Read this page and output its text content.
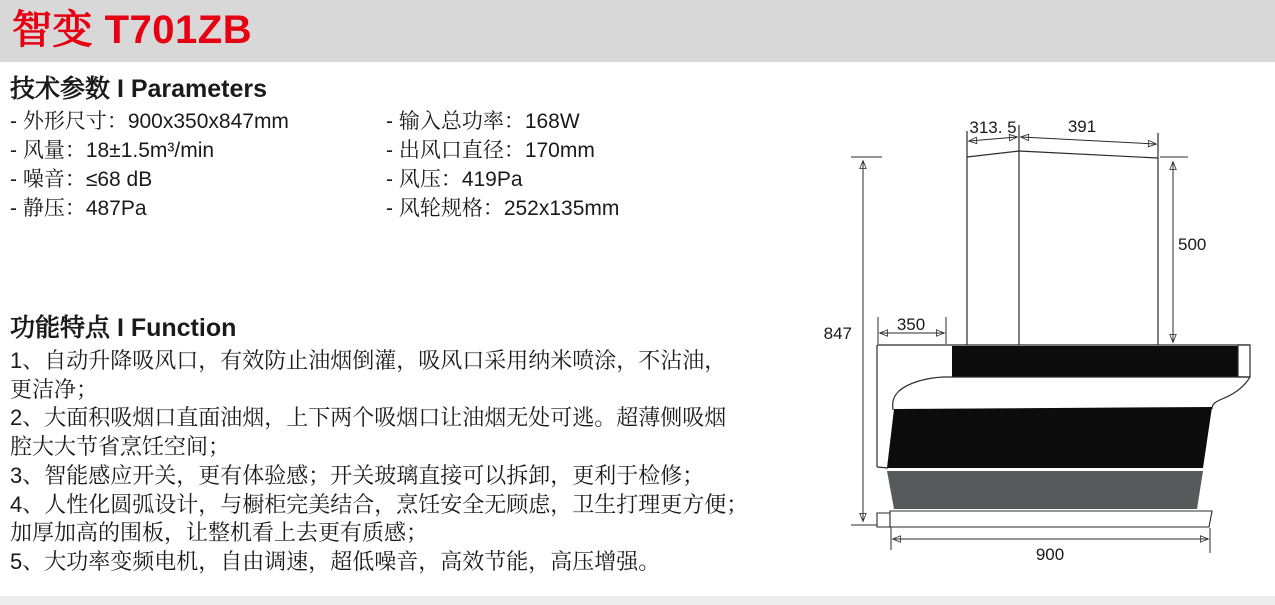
智变 T701ZB
技术参数 I Parameters
- 外形尺寸：900x350x847mm
- 风量：18±1.5m³/min
- 噪音：≤68 dB
- 静压：487Pa
- 输入总功率：168W
- 出风口直径：170mm
- 风压：419Pa
- 风轮规格：252x135mm
功能特点 I Function
1、自动升降吸风口，有效防止油烟倒灌，吸风口采用纳米喷涂，不沾油，
更洁净；
2、大面积吸烟口直面油烟，上下两个吸烟口让油烟无处可逃。超薄侧吸烟
腔大大节省烹饪空间；
3、智能感应开关，更有体验感；开关玻璃直接可以拆卸，更利于检修；
4、人性化圆弧设计，与橱柜完美结合，烹饪安全无顾虑，卫生打理更方便；
加厚加高的围板，让整机看上去更有质感；
5、大功率变频电机，自由调速，超低噪音，高效节能，高压增强。
313. 5	391
500
847	350
900
